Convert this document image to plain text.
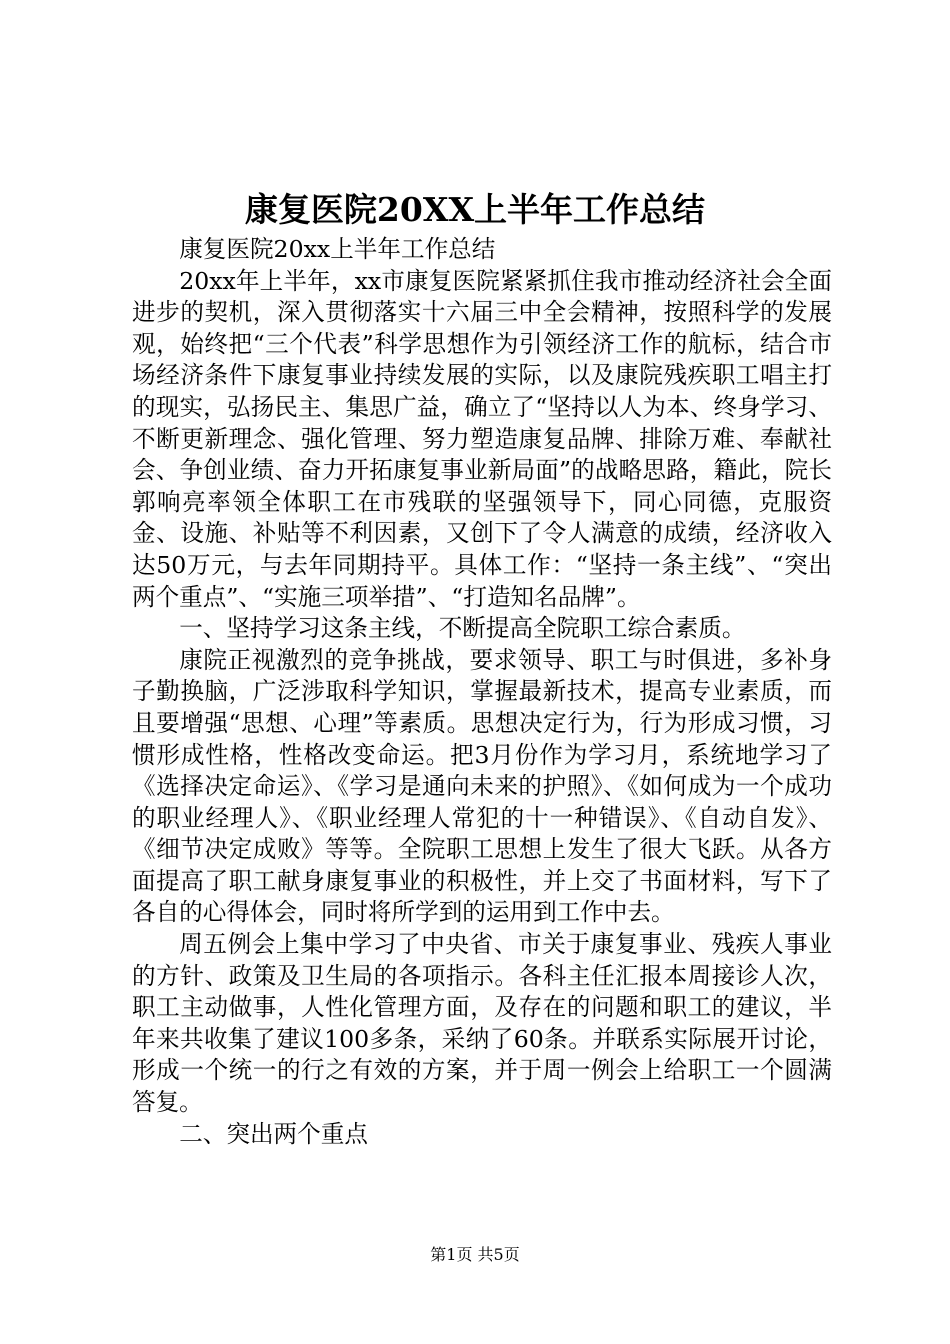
康复医院20XX上半年工作总结

康复医院20xx上半年工作总结

20xx年上半年，xx市康复医院紧紧抓住我市推动经济社会全面进步的契机，深入贯彻落实十六届三中全会精神，按照科学的发展观，始终把“三个代表”科学思想作为引领经济工作的航标，结合市场经济条件下康复事业持续发展的实际，以及康院残疾职工唱主打的现实，弘扬民主、集思广益，确立了“坚持以人为本、终身学习、不断更新理念、强化管理、努力塑造康复品牌、排除万难、奉献社会、争创业绩、奋力开拓康复事业新局面”的战略思路，籍此，院长郭响亮率领全体职工在市残联的坚强领导下，同心同德，克服资金、设施、补贴等不利因素，又创下了令人满意的成绩，经济收入达50万元，与去年同期持平。具体工作：“坚持一条主线”、“突出两个重点”、“实施三项举措”、“打造知名品牌”。

一、坚持学习这条主线，不断提高全院职工综合素质。

康院正视激烈的竞争挑战，要求领导、职工与时俱进，多补身子勤换脑，广泛涉取科学知识，掌握最新技术，提高专业素质，而且要增强“思想、心理”等素质。思想决定行为，行为形成习惯，习惯形成性格，性格改变命运。把3月份作为学习月，系统地学习了《选择决定命运》、《学习是通向未来的护照》、《如何成为一个成功的职业经理人》、《职业经理人常犯的十一种错误》、《自动自发》、《细节决定成败》等等。全院职工思想上发生了很大飞跃。从各方面提高了职工献身康复事业的积极性，并上交了书面材料，写下了各自的心得体会，同时将所学到的运用到工作中去。

周五例会上集中学习了中央省、市关于康复事业、残疾人事业的方针、政策及卫生局的各项指示。各科主任汇报本周接诊人次，职工主动做事，人性化管理方面，及存在的问题和职工的建议，半年来共收集了建议100多条，采纳了60条。并联系实际展开讨论，形成一个统一的行之有效的方案，并于周一例会上给职工一个圆满答复。

二、突出两个重点

第1页 共5页
